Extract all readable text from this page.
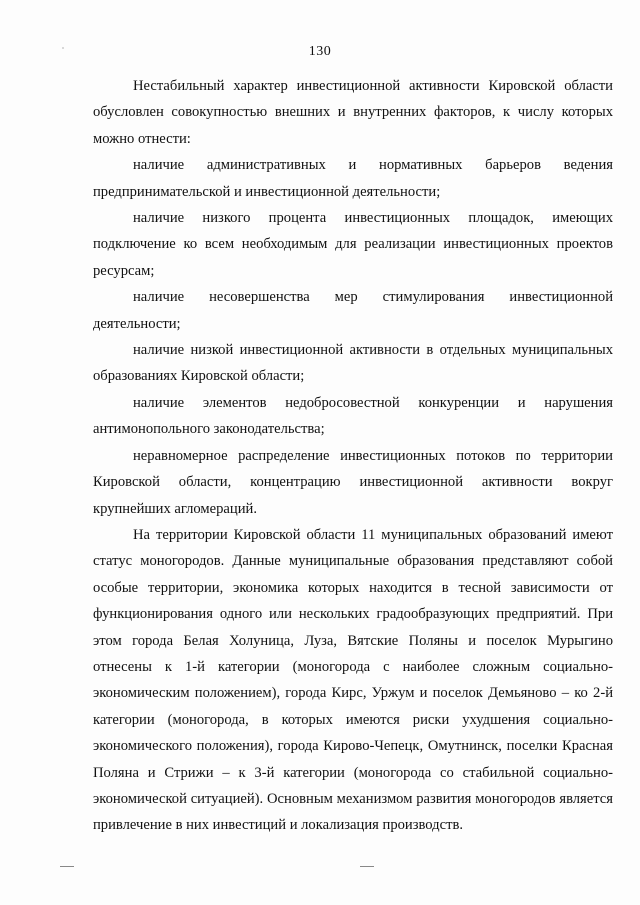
130

Нестабильный характер инвестиционной активности Кировской области обусловлен совокупностью внешних и внутренних факторов, к числу которых можно отнести:

наличие административных и нормативных барьеров ведения предпринимательской и инвестиционной деятельности;

наличие низкого процента инвестиционных площадок, имеющих подключение ко всем необходимым для реализации инвестиционных проектов ресурсам;

наличие несовершенства мер стимулирования инвестиционной деятельности;

наличие низкой инвестиционной активности в отдельных муниципальных образованиях Кировской области;

наличие элементов недобросовестной конкуренции и нарушения антимонопольного законодательства;

неравномерное распределение инвестиционных потоков по территории Кировской области, концентрацию инвестиционной активности вокруг крупнейших агломераций.

На территории Кировской области 11 муниципальных образований имеют статус моногородов. Данные муниципальные образования представляют собой особые территории, экономика которых находится в тесной зависимости от функционирования одного или нескольких градообразующих предприятий. При этом города Белая Холуница, Луза, Вятские Поляны и поселок Мурыгино отнесены к 1-й категории (моногорода с наиболее сложным социально-экономическим положением), города Кирс, Уржум и поселок Демьяново – ко 2-й категории (моногорода, в которых имеются риски ухудшения социально-экономического положения), города Кирово-Чепецк, Омутнинск, поселки Красная Поляна и Стрижи – к 3-й категории (моногорода со стабильной социально-экономической ситуацией). Основным механизмом развития моногородов является привлечение в них инвестиций и локализация производств.
